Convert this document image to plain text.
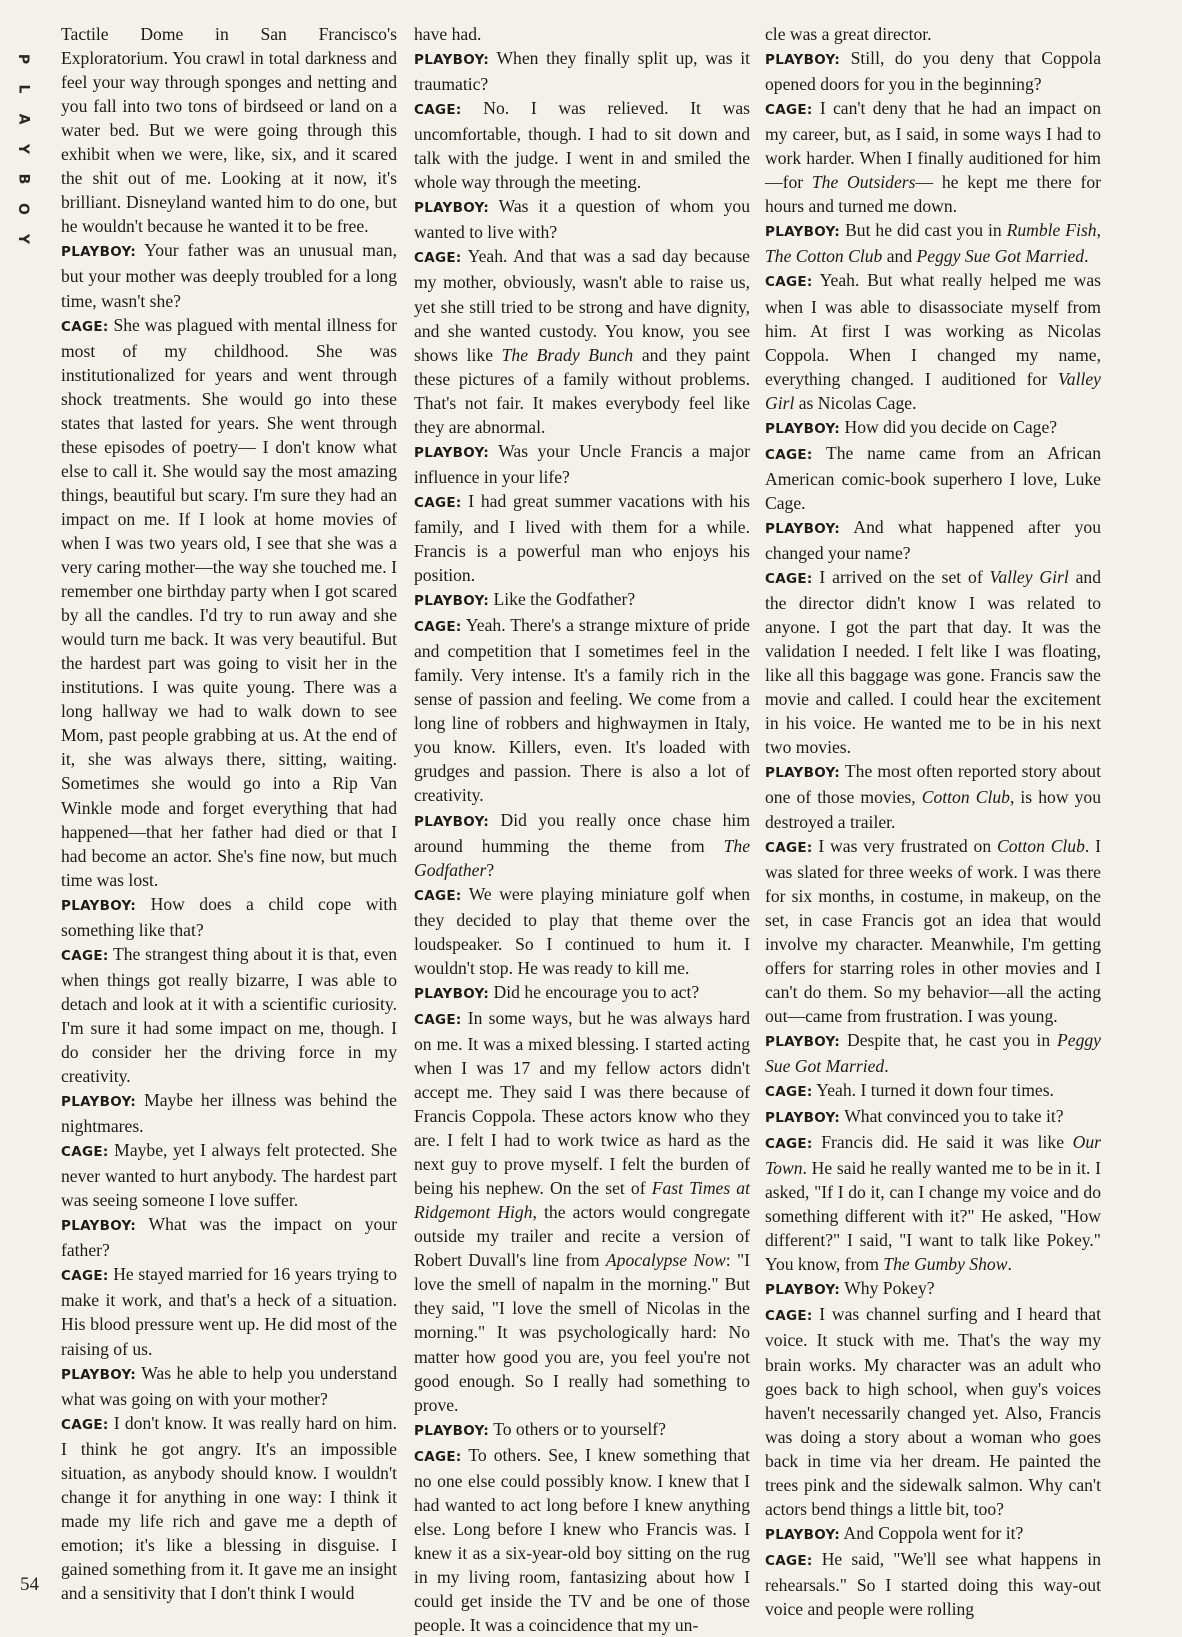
P
L
A
Y
B
O
Y
54

Tactile Dome in San Francisco's Exploratorium. You crawl in total darkness and feel your way through sponges and netting and you fall into two tons of birdseed or land on a water bed. But we were going through this exhibit when we were, like, six, and it scared the shit out of me. Looking at it now, it's brilliant. Disneyland wanted him to do one, but he wouldn't because he wanted it to be free.

PLAYBOY: Your father was an unusual man, but your mother was deeply troubled for a long time, wasn't she?

CAGE: She was plagued with mental illness for most of my childhood. She was institutionalized for years and went through shock treatments. She would go into these states that lasted for years. She went through these episodes of poetry— I don't know what else to call it. She would say the most amazing things, beautiful but scary. I'm sure they had an impact on me. If I look at home movies of when I was two years old, I see that she was a very caring mother—the way she touched me. I remember one birthday party when I got scared by all the candles. I'd try to run away and she would turn me back. It was very beautiful. But the hardest part was going to visit her in the institutions. I was quite young. There was a long hallway we had to walk down to see Mom, past people grabbing at us. At the end of it, she was always there, sitting, waiting. Sometimes she would go into a Rip Van Winkle mode and forget everything that had happened—that her father had died or that I had become an actor. She's fine now, but much time was lost.

PLAYBOY: How does a child cope with something like that?

CAGE: The strangest thing about it is that, even when things got really bizarre, I was able to detach and look at it with a scientific curiosity. I'm sure it had some impact on me, though. I do consider her the driving force in my creativity.

PLAYBOY: Maybe her illness was behind the nightmares.

CAGE: Maybe, yet I always felt protected. She never wanted to hurt anybody. The hardest part was seeing someone I love suffer.

PLAYBOY: What was the impact on your father?

CAGE: He stayed married for 16 years trying to make it work, and that's a heck of a situation. His blood pressure went up. He did most of the raising of us.

PLAYBOY: Was he able to help you understand what was going on with your mother?

CAGE: I don't know. It was really hard on him. I think he got angry. It's an impossible situation, as anybody should know. I wouldn't change it for anything in one way: I think it made my life rich and gave me a depth of emotion; it's like a blessing in disguise. I gained something from it. It gave me an insight and a sensitivity that I don't think I would

have had.

PLAYBOY: When they finally split up, was it traumatic?

CAGE: No. I was relieved. It was uncomfortable, though. I had to sit down and talk with the judge. I went in and smiled the whole way through the meeting.

PLAYBOY: Was it a question of whom you wanted to live with?

CAGE: Yeah. And that was a sad day because my mother, obviously, wasn't able to raise us, yet she still tried to be strong and have dignity, and she wanted custody. You know, you see shows like The Brady Bunch and they paint these pictures of a family without problems. That's not fair. It makes everybody feel like they are abnormal.

PLAYBOY: Was your Uncle Francis a major influence in your life?

CAGE: I had great summer vacations with his family, and I lived with them for a while. Francis is a powerful man who enjoys his position.

PLAYBOY: Like the Godfather?

CAGE: Yeah. There's a strange mixture of pride and competition that I sometimes feel in the family. Very intense. It's a family rich in the sense of passion and feeling. We come from a long line of robbers and highwaymen in Italy, you know. Killers, even. It's loaded with grudges and passion. There is also a lot of creativity.

PLAYBOY: Did you really once chase him around humming the theme from The Godfather?

CAGE: We were playing miniature golf when they decided to play that theme over the loudspeaker. So I continued to hum it. I wouldn't stop. He was ready to kill me.

PLAYBOY: Did he encourage you to act?

CAGE: In some ways, but he was always hard on me. It was a mixed blessing. I started acting when I was 17 and my fellow actors didn't accept me. They said I was there because of Francis Coppola. These actors know who they are. I felt I had to work twice as hard as the next guy to prove myself. I felt the burden of being his nephew. On the set of Fast Times at Ridgemont High, the actors would congregate outside my trailer and recite a version of Robert Duvall's line from Apocalypse Now: "I love the smell of napalm in the morning." But they said, "I love the smell of Nicolas in the morning." It was psychologically hard: No matter how good you are, you feel you're not good enough. So I really had something to prove.

PLAYBOY: To others or to yourself?

CAGE: To others. See, I knew something that no one else could possibly know. I knew that I had wanted to act long before I knew anything else. Long before I knew who Francis was. I knew it as a six-year-old boy sitting on the rug in my living room, fantasizing about how I could get inside the TV and be one of those people. It was a coincidence that my un-

cle was a great director.

PLAYBOY: Still, do you deny that Coppola opened doors for you in the beginning?

CAGE: I can't deny that he had an impact on my career, but, as I said, in some ways I had to work harder. When I finally auditioned for him—for The Outsiders— he kept me there for hours and turned me down.

PLAYBOY: But he did cast you in Rumble Fish, The Cotton Club and Peggy Sue Got Married.

CAGE: Yeah. But what really helped me was when I was able to disassociate myself from him. At first I was working as Nicolas Coppola. When I changed my name, everything changed. I auditioned for Valley Girl as Nicolas Cage.

PLAYBOY: How did you decide on Cage?

CAGE: The name came from an African American comic-book superhero I love, Luke Cage.

PLAYBOY: And what happened after you changed your name?

CAGE: I arrived on the set of Valley Girl and the director didn't know I was related to anyone. I got the part that day. It was the validation I needed. I felt like I was floating, like all this baggage was gone. Francis saw the movie and called. I could hear the excitement in his voice. He wanted me to be in his next two movies.

PLAYBOY: The most often reported story about one of those movies, Cotton Club, is how you destroyed a trailer.

CAGE: I was very frustrated on Cotton Club. I was slated for three weeks of work. I was there for six months, in costume, in makeup, on the set, in case Francis got an idea that would involve my character. Meanwhile, I'm getting offers for starring roles in other movies and I can't do them. So my behavior—all the acting out—came from frustration. I was young.

PLAYBOY: Despite that, he cast you in Peggy Sue Got Married.

CAGE: Yeah. I turned it down four times.

PLAYBOY: What convinced you to take it?

CAGE: Francis did. He said it was like Our Town. He said he really wanted me to be in it. I asked, "If I do it, can I change my voice and do something different with it?" He asked, "How different?" I said, "I want to talk like Pokey." You know, from The Gumby Show.

PLAYBOY: Why Pokey?

CAGE: I was channel surfing and I heard that voice. It stuck with me. That's the way my brain works. My character was an adult who goes back to high school, when guy's voices haven't necessarily changed yet. Also, Francis was doing a story about a woman who goes back in time via her dream. He painted the trees pink and the sidewalk salmon. Why can't actors bend things a little bit, too?

PLAYBOY: And Coppola went for it?

CAGE: He said, "We'll see what happens in rehearsals." So I started doing this way-out voice and people were rolling
